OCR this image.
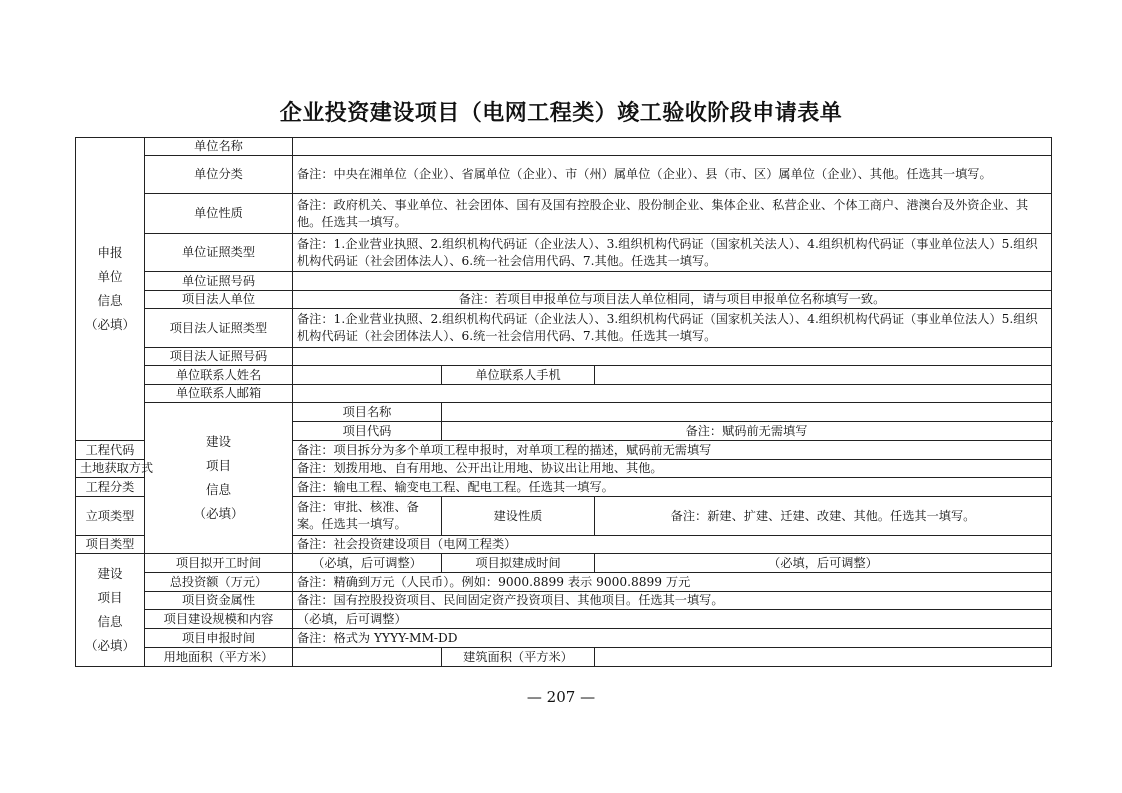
企业投资建设项目（电网工程类）竣工验收阶段申请表单
申报
单位
信息
（必填）	单位名称			
	单位分类	备注：中央在湘单位（企业）、省属单位（企业）、市（州）属单位（企业）、县（市、区）属单位（企业）、其他。任选其一填写。		
	单位性质	备注：政府机关、事业单位、社会团体、国有及国有控股企业、股份制企业、集体企业、私营企业、个体工商户、港澳台及外资企业、其他。任选其一填写。		
	单位证照类型	备注：1.企业营业执照、2.组织机构代码证（企业法人）、3.组织机构代码证（国家机关法人）、4.组织机构代码证（事业单位法人）5.组织机构代码证（社会团体法人）、6.统一社会信用代码、7.其他。任选其一填写。		
	单位证照号码			
	项目法人单位	备注：若项目申报单位与项目法人单位相同，请与项目申报单位名称填写一致。		
	项目法人证照类型	备注：1.企业营业执照、2.组织机构代码证（企业法人）、3.组织机构代码证（国家机关法人）、4.组织机构代码证（事业单位法人）5.组织机构代码证（社会团体法人）、6.统一社会信用代码、7.其他。任选其一填写。		
	项目法人证照号码			
	单位联系人姓名		单位联系人手机	
	单位联系人邮箱			
	建设
项目
信息
（必填）	项目名称		
		项目代码	备注：赋码前无需填写	
工程代码		备注：项目拆分为多个单项工程申报时，对单项工程的描述，赋码前无需填写		
土地获取方式		备注：划拨用地、自有用地、公开出让用地、协议出让用地、其他。		
工程分类		备注：输电工程、输变电工程、配电工程。任选其一填写。		
立项类型		备注：审批、核准、备案。任选其一填写。	建设性质	备注：新建、扩建、迁建、改建、其他。任选其一填写。
项目类型		备注：社会投资建设项目（电网工程类）		
建设
项目
信息
（必填）	项目拟开工时间	（必填，后可调整）	项目拟建成时间	（必填，后可调整）
	总投资额（万元）	备注：精确到万元（人民币）。例如：9000.8899 表示 9000.8899 万元		
	项目资金属性	备注：国有控股投资项目、民间固定资产投资项目、其他项目。任选其一填写。		
	项目建设规模和内容	（必填，后可调整）		
	项目申报时间	备注：格式为 YYYY-MM-DD		
	用地面积（平方米）		建筑面积（平方米）	
— 207 —
